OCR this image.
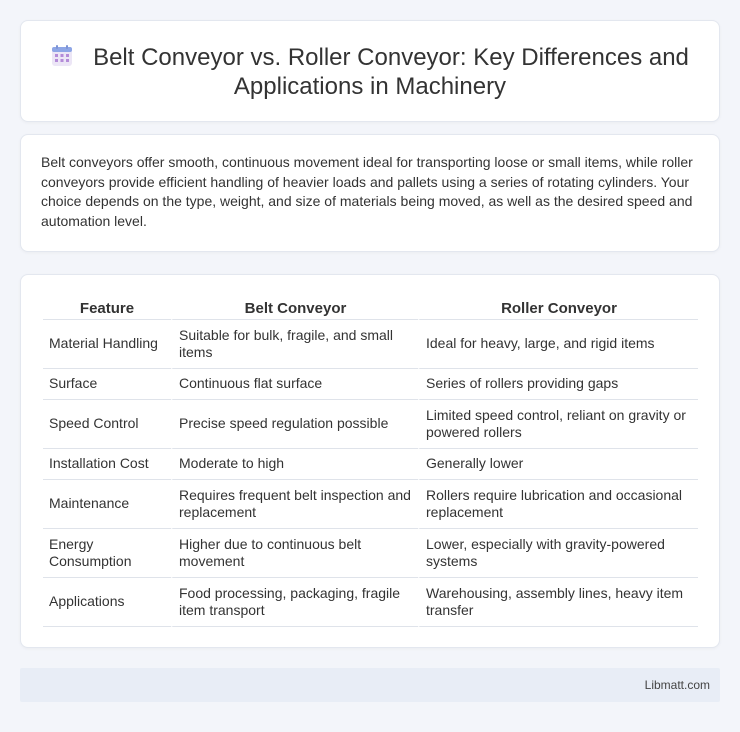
Belt Conveyor vs. Roller Conveyor: Key Differences and Applications in Machinery

Belt conveyors offer smooth, continuous movement ideal for transporting loose or small items, while roller conveyors provide efficient handling of heavier loads and pallets using a series of rotating cylinders. Your choice depends on the type, weight, and size of materials being moved, as well as the desired speed and automation level.

Feature	Belt Conveyor	Roller Conveyor
Material Handling	Suitable for bulk, fragile, and small items	Ideal for heavy, large, and rigid items
Surface	Continuous flat surface	Series of rollers providing gaps
Speed Control	Precise speed regulation possible	Limited speed control, reliant on gravity or powered rollers
Installation Cost	Moderate to high	Generally lower
Maintenance	Requires frequent belt inspection and replacement	Rollers require lubrication and occasional replacement
Energy Consumption	Higher due to continuous belt movement	Lower, especially with gravity-powered systems
Applications	Food processing, packaging, fragile item transport	Warehousing, assembly lines, heavy item transfer
Libmatt.com
